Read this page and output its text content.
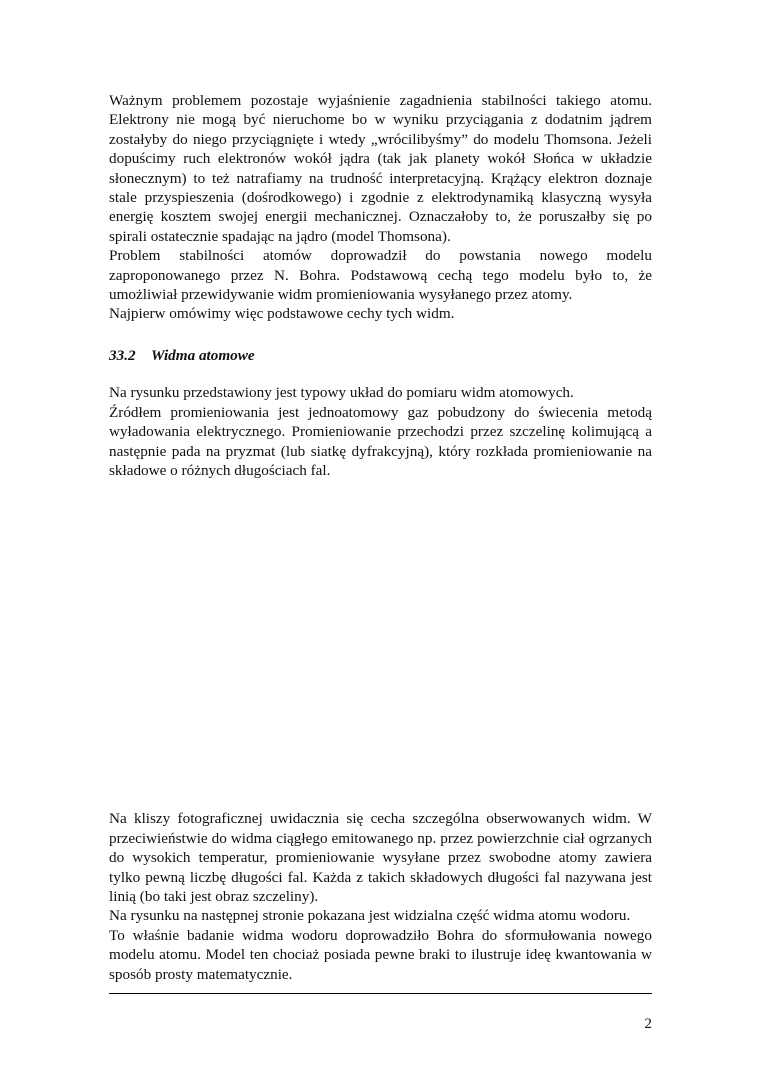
Ważnym problemem pozostaje wyjaśnienie zagadnienia stabilności takiego atomu. Elektrony nie mogą być nieruchome bo w wyniku przyciągania z dodatnim jądrem zostałyby do niego przyciągnięte i wtedy „wrócilibyśmy” do modelu Thomsona. Jeżeli dopuścimy ruch elektronów wokół jądra (tak jak planety wokół Słońca w układzie słonecznym) to też natrafiamy na trudność interpretacyjną. Krążący elektron doznaje stale przyspieszenia (dośrodkowego) i zgodnie z elektrodynamiką klasyczną wysyła energię kosztem swojej energii mechanicznej. Oznaczałoby to, że poruszałby się po spirali ostatecznie spadając na jądro (model Thomsona).

Problem stabilności atomów doprowadził do powstania nowego modelu zaproponowanego przez N. Bohra. Podstawową cechą tego modelu było to, że umożliwiał przewidywanie widm promieniowania wysyłanego przez atomy.

Najpierw omówimy więc podstawowe cechy tych widm.

33.2 Widma atomowe

Na rysunku przedstawiony jest typowy układ do pomiaru widm atomowych.

Źródłem promieniowania jest jednoatomowy gaz pobudzony do świecenia metodą wyładowania elektrycznego. Promieniowanie przechodzi przez szczelinę kolimującą a następnie pada na pryzmat (lub siatkę dyfrakcyjną), który rozkłada promieniowanie na składowe o różnych długościach fal.

Na kliszy fotograficznej uwidacznia się cecha szczególna obserwowanych widm. W przeciwieństwie do widma ciągłego emitowanego np. przez powierzchnie ciał ogrzanych do wysokich temperatur, promieniowanie wysyłane przez swobodne atomy zawiera tylko pewną liczbę długości fal. Każda z takich składowych długości fal nazywana jest linią (bo taki jest obraz szczeliny).

Na rysunku na następnej stronie pokazana jest widzialna część widma atomu wodoru.

To właśnie badanie widma wodoru doprowadziło Bohra do sformułowania nowego modelu atomu. Model ten chociaż posiada pewne braki to ilustruje ideę kwantowania w sposób prosty matematycznie.

2
